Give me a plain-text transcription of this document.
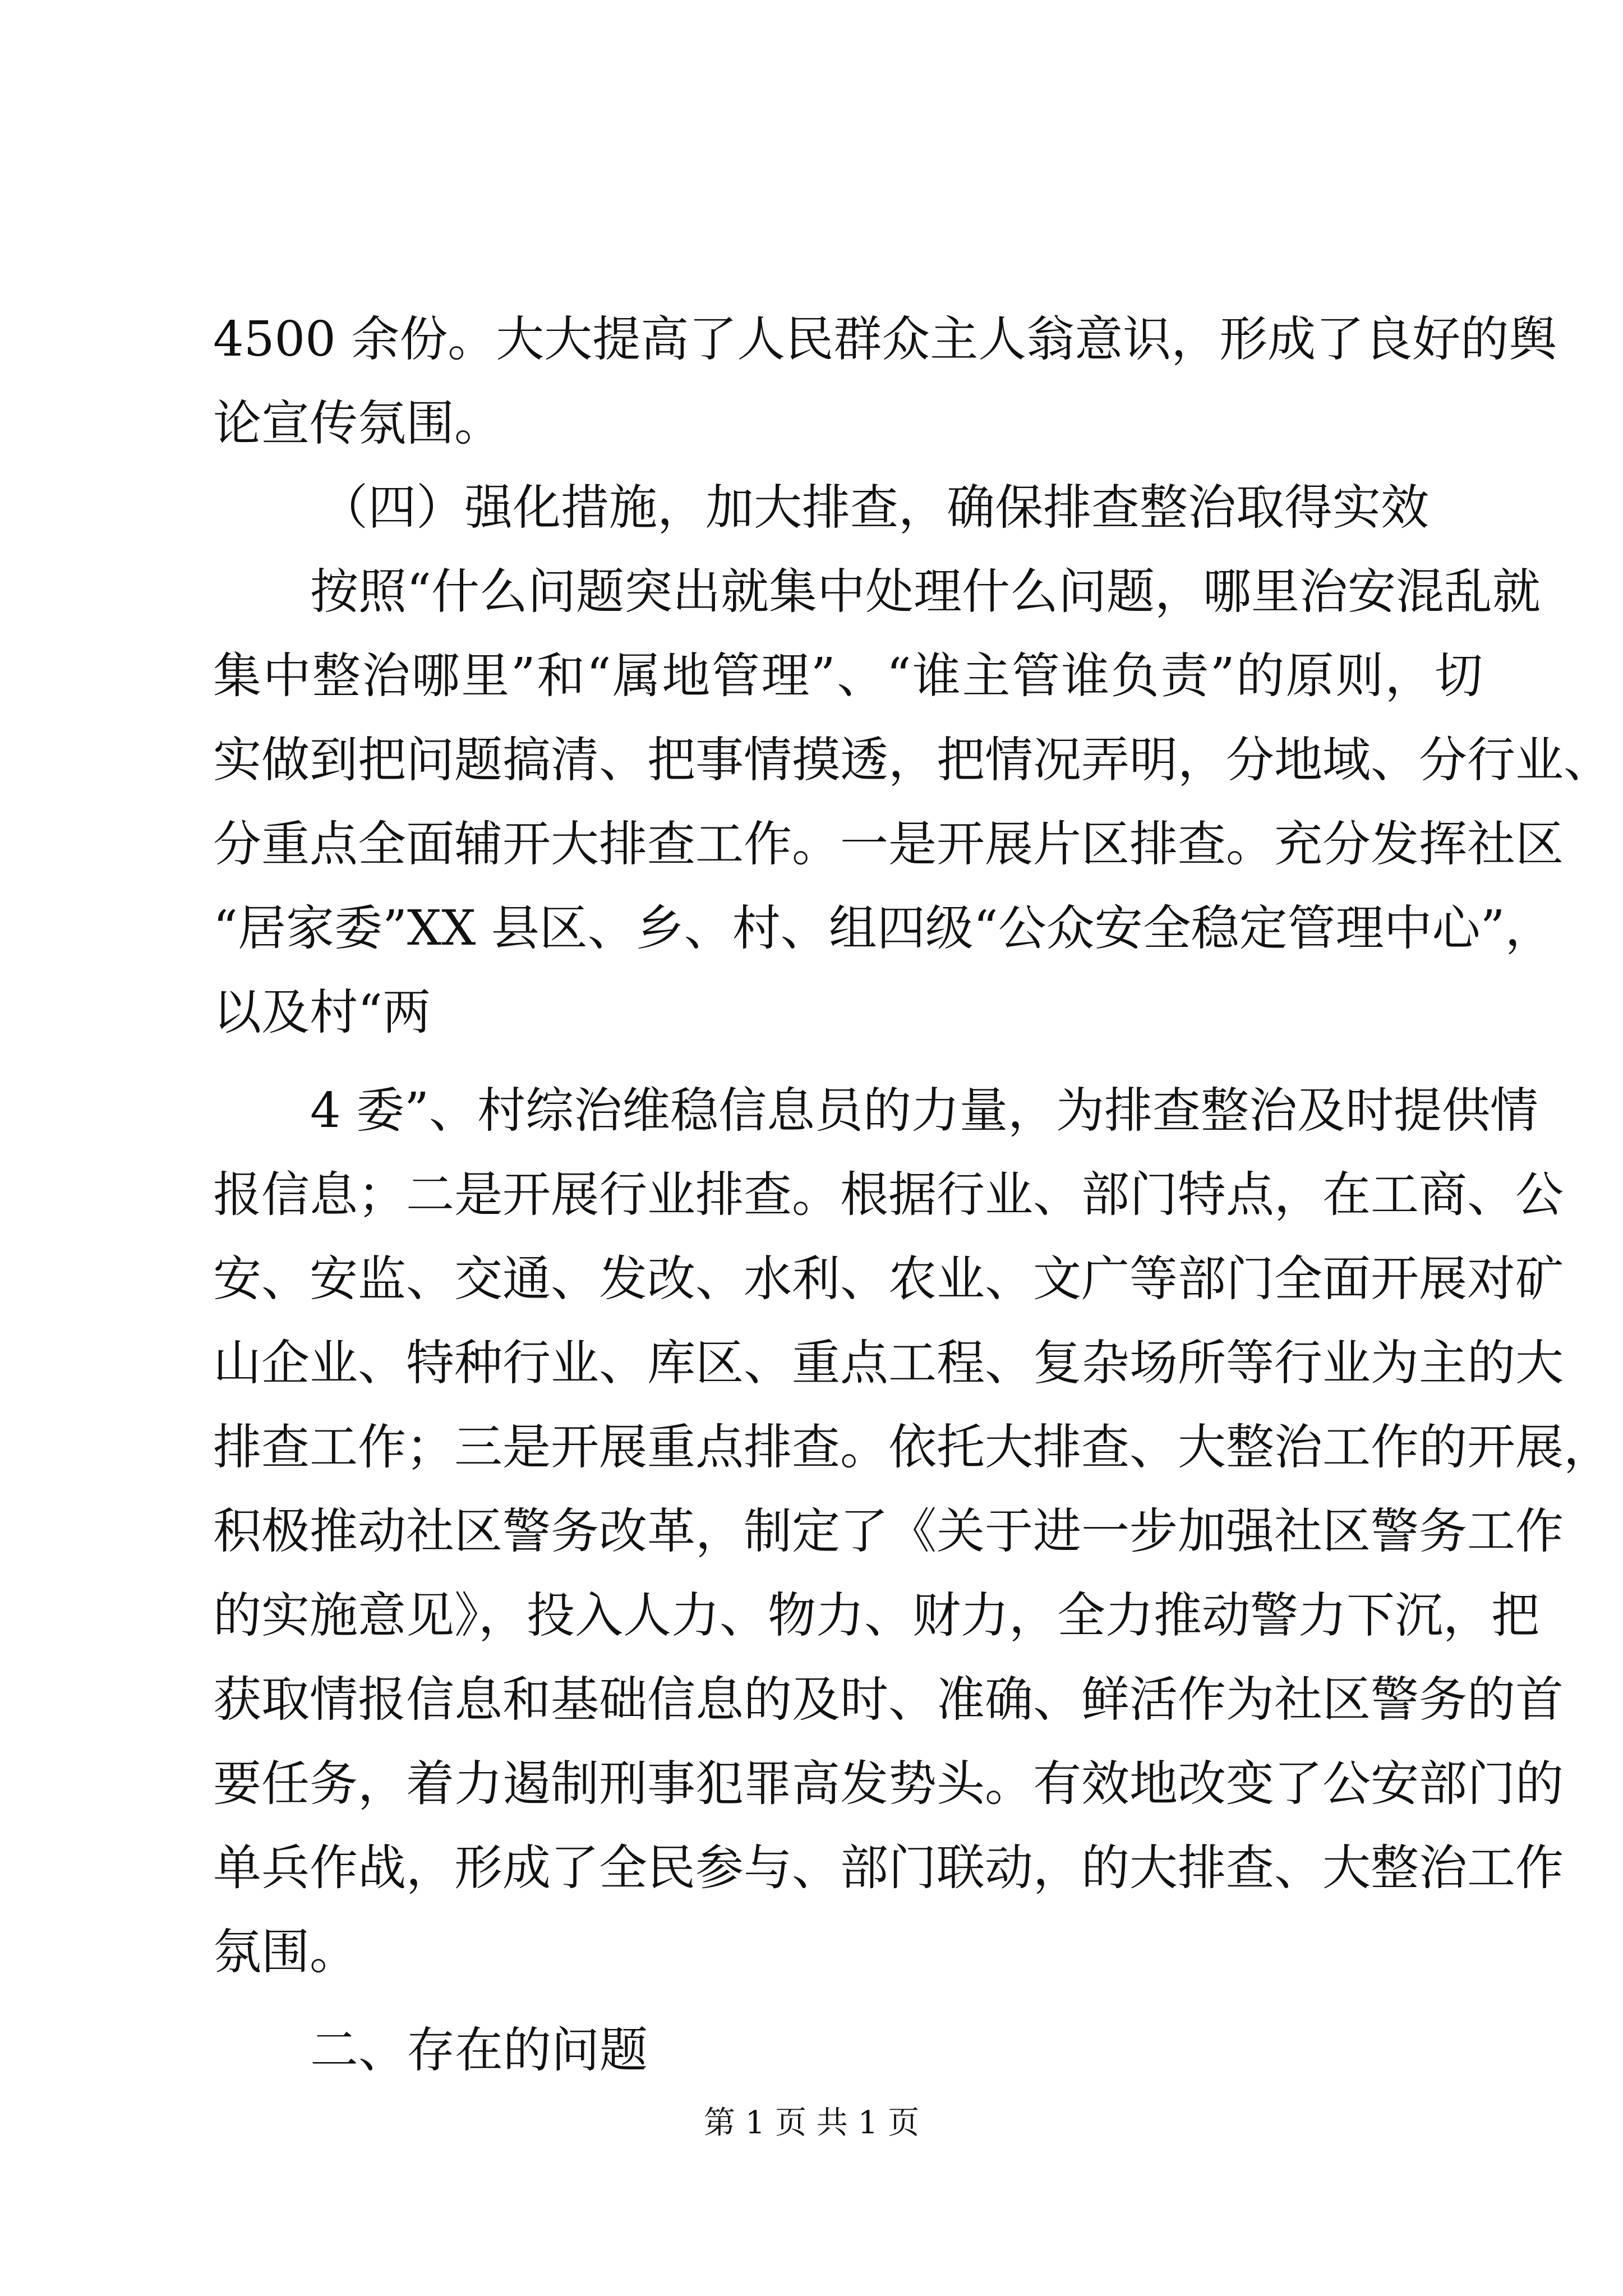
4500 余份。大大提高了人民群众主人翁意识，形成了良好的舆
论宣传氛围。
（四）强化措施，加大排查，确保排查整治取得实效
按照“什么问题突出就集中处理什么问题，哪里治安混乱就
集中整治哪里”和“属地管理”、“谁主管谁负责”的原则，切
实做到把问题搞清、把事情摸透，把情况弄明，分地域、分行业、
分重点全面辅开大排查工作。一是开展片区排查。充分发挥社区
“居家委”XX 县区、乡、村、组四级“公众安全稳定管理中心”，
以及村“两
4 委”、村综治维稳信息员的力量，为排查整治及时提供情
报信息；二是开展行业排查。根据行业、部门特点，在工商、公
安、安监、交通、发改、水利、农业、文广等部门全面开展对矿
山企业、特种行业、库区、重点工程、复杂场所等行业为主的大
排查工作；三是开展重点排查。依托大排查、大整治工作的开展，
积极推动社区警务改革，制定了《关于进一步加强社区警务工作
的实施意见》，投入人力、物力、财力，全力推动警力下沉，把
获取情报信息和基础信息的及时、准确、鲜活作为社区警务的首
要任务，着力遏制刑事犯罪高发势头。有效地改变了公安部门的
单兵作战，形成了全民参与、部门联动，的大排查、大整治工作
氛围。
二、存在的问题
第 1 页 共 1 页
